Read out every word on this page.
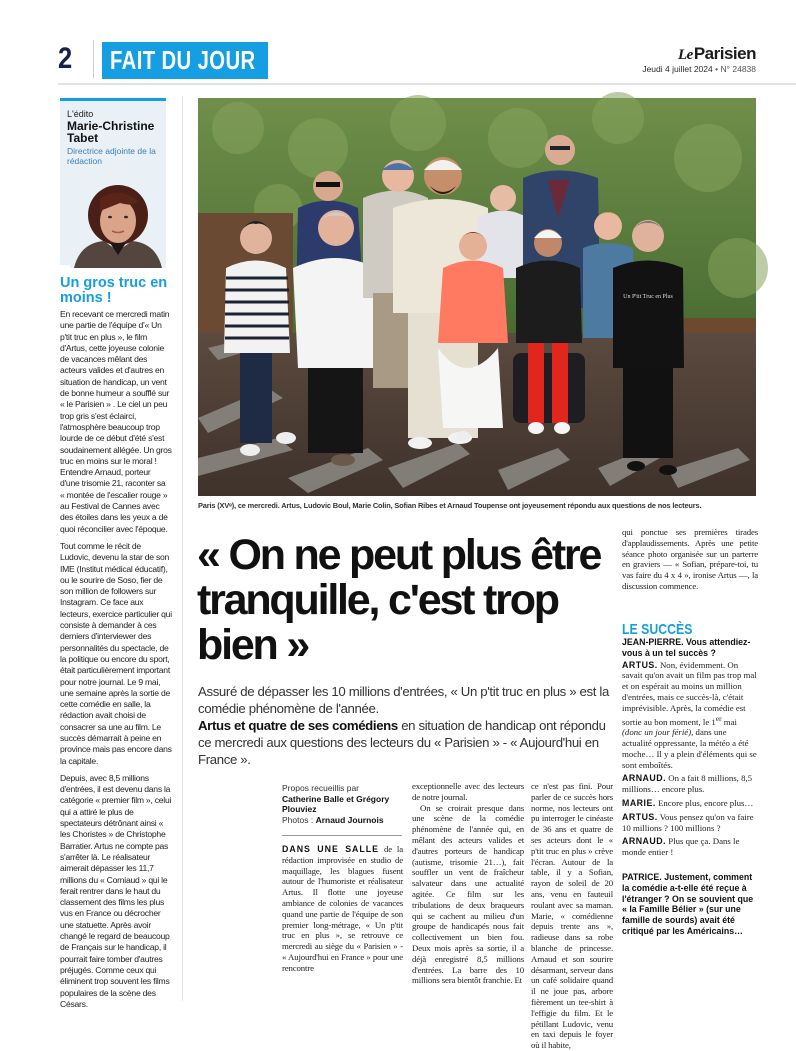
2	FAIT DU JOUR	LeParisien
Jeudi 4 juillet 2024 • N° 24838
L'édito
Marie-Christine Tabet
Directrice adjointe de la rédaction
Un gros truc en moins !

En recevant ce mercredi matin une partie de l'équipe d'« Un p'tit truc en plus », le film d'Artus, cette joyeuse colonie de vacances mêlant des acteurs valides et d'autres en situation de handicap, un vent de bonne humeur a soufflé sur « le Parisien » . Le ciel un peu trop gris s'est éclairci, l'atmosphère beaucoup trop lourde de ce début d'été s'est soudainement allégée. Un gros truc en moins sur le moral ! Entendre Arnaud, porteur d'une trisomie 21, raconter sa « montée de l'escalier rouge » au Festival de Cannes avec des étoiles dans les yeux a de quoi réconcilier avec l'époque.

Tout comme le récit de Ludovic, devenu la star de son IME (Institut médical éducatif), ou le sourire de Soso, fier de son million de followers sur Instagram. Ce face aux lecteurs, exercice particulier qui consiste à demander à ces derniers d'interviewer des personnalités du spectacle, de la politique ou encore du sport, était particulièrement important pour notre journal. Le 9 mai, une semaine après la sortie de cette comédie en salle, la rédaction avait choisi de consacrer sa une au film. Le succès démarrait à peine en province mais pas encore dans la capitale.

Depuis, avec 8,5 millions d'entrées, il est devenu dans la catégorie « premier film », celui qui a attiré le plus de spectateurs détrônant ainsi « les Choristes » de Christophe Barratier. Artus ne compte pas s'arrêter là. Le réalisateur aimerait dépasser les 11,7 millions du « Corniaud » qui le ferait rentrer dans le haut du classement des films les plus vus en France ou décrocher une statuette. Après avoir changé le regard de beaucoup de Français sur le handicap, il pourrait faire tomber d'autres préjugés. Comme ceux qui éliminent trop souvent les films populaires de la scène des Césars.

Un P'tit Truc en Plus
Paris (XVᵉ), ce mercredi. Artus, Ludovic Boul, Marie Colin, Sofian Ribes et Arnaud Toupense ont joyeusement répondu aux questions de nos lecteurs.
« On ne peut plus être tranquille, c'est trop bien »
Assuré de dépasser les 10 millions d'entrées, « Un p'tit truc en plus » est la comédie phénomène de l'année.
Artus et quatre de ses comédiens en situation de handicap ont répondu ce mercredi aux questions des lecteurs du « Parisien » - « Aujourd'hui en France ».
Propos recueillis par
Catherine Balle et Grégory Plouviez
Photos : Arnaud Journois
DANS UNE SALLE de la rédaction improvisée en studio de maquillage, les blagues fusent autour de l'humoriste et réalisateur Artus. Il flotte une joyeuse ambiance de colonies de vacances quand une partie de l'équipe de son premier long-métrage, « Un p'tit truc en plus », se retrouve ce mercredi au siège du « Parisien » - « Aujourd'hui en France » pour une rencontre
exceptionnelle avec des lecteurs de notre journal.
On se croirait presque dans une scène de la comédie phénomène de l'année qui, en mêlant des acteurs valides et d'autres porteurs de handicap (autisme, trisomie 21…), fait souffler un vent de fraîcheur salvateur dans une actualité agitée. Ce film sur les tribulations de deux braqueurs qui se cachent au milieu d'un groupe de handicapés nous fait collectivement un bien fou. Deux mois après sa sortie, il a déjà enregistré 8,5 millions d'entrées. La barre des 10 millions sera bientôt franchie. Et
ce n'est pas fini. Pour parler de ce succès hors norme, nos lecteurs ont pu interroger le cinéaste de 36 ans et quatre de ses acteurs dont le « p'tit truc en plus » crève l'écran. Autour de la table, il y a Sofian, rayon de soleil de 20 ans, venu en fauteuil roulant avec sa maman. Marie, « comédienne depuis trente ans », radieuse dans sa robe blanche de princesse. Arnaud et son sourire désarmant, serveur dans un café solidaire quand il ne joue pas, arbore fièrement un tee-shirt à l'effigie du film. Et le pétillant Ludovic, venu en taxi depuis le foyer où il habite,
qui ponctue ses premières tirades d'applaudissements. Après une petite séance photo organisée sur un parterre en graviers — « Sofian, prépare-toi, tu vas faire du 4 x 4 », ironise Artus —, la discussion commence.
LE SUCCÈS
JEAN-PIERRE. Vous attendiez-vous à un tel succès ?
ARTUS. Non, évidemment. On savait qu'on avait un film pas trop mal et on espérait au moins un million d'entrées, mais ce succès-là, c'était imprévisible. Après, la comédie est sortie au bon moment, le 1er mai (donc un jour férié), dans une actualité oppressante, la météo a été moche… Il y a plein d'éléments qui se sont emboîtés.
ARNAUD. On a fait 8 millions, 8,5 millions… encore plus.
MARIE. Encore plus, encore plus…
ARTUS. Vous pensez qu'on va faire 10 millions ? 100 millions ?
ARNAUD. Plus que ça. Dans le monde entier !
PATRICE. Justement, comment la comédie a-t-elle été reçue à l'étranger ? On se souvient que « la Famille Bélier » (sur une famille de sourds) avait été critiqué par les Américains…
